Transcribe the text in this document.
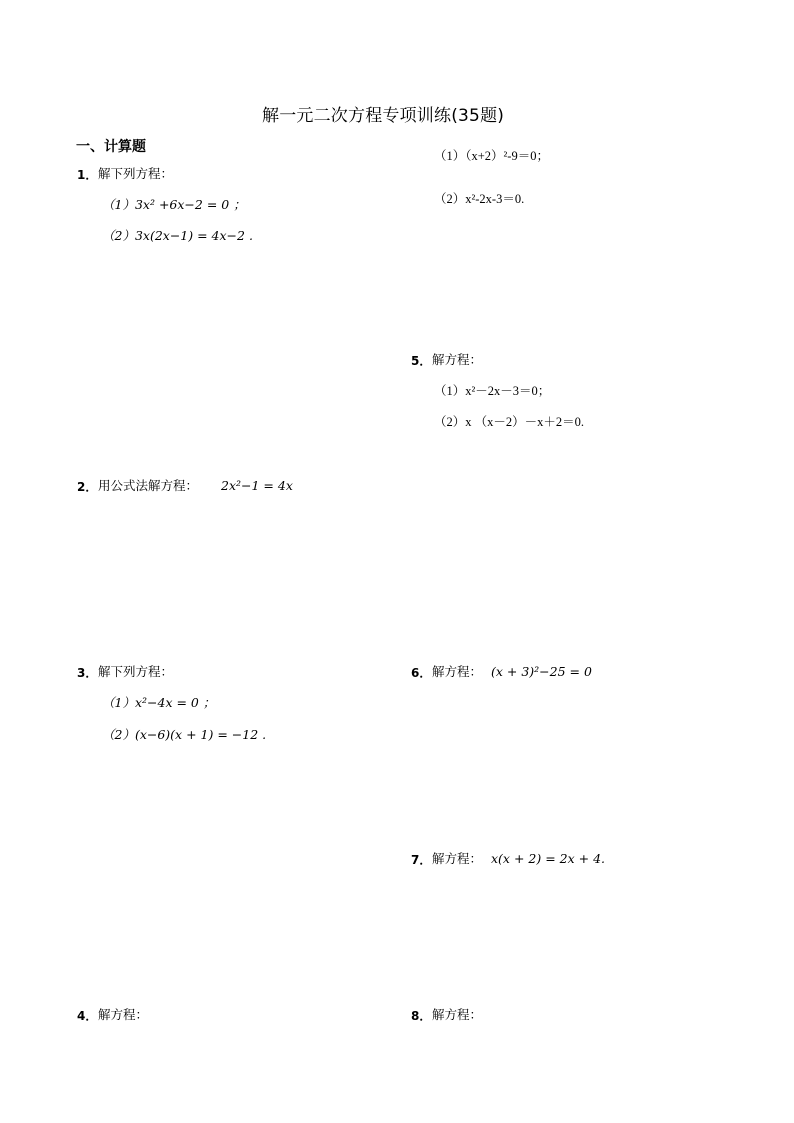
解一元二次方程专项训练(35题)
一、计算题
1． 解下列方程：
（1）3x² +6x−2 = 0 ；
（2）3x(2x−1) = 4x−2 .
2． 用公式法解方程： 2x²−1 = 4x
3． 解下列方程：
（1）x²−4x = 0 ；
（2）(x−6)(x + 1) = −12 .
4． 解方程：
（1）（x+2）²-9＝0；
（2）x²-2x-3＝0.
5． 解方程：
（1）x²－2x－3＝0；
（2）x （x－2）－x＋2＝0.
6． 解方程： (x + 3)²−25 = 0
7． 解方程： x(x + 2) = 2x + 4.
8． 解方程：
